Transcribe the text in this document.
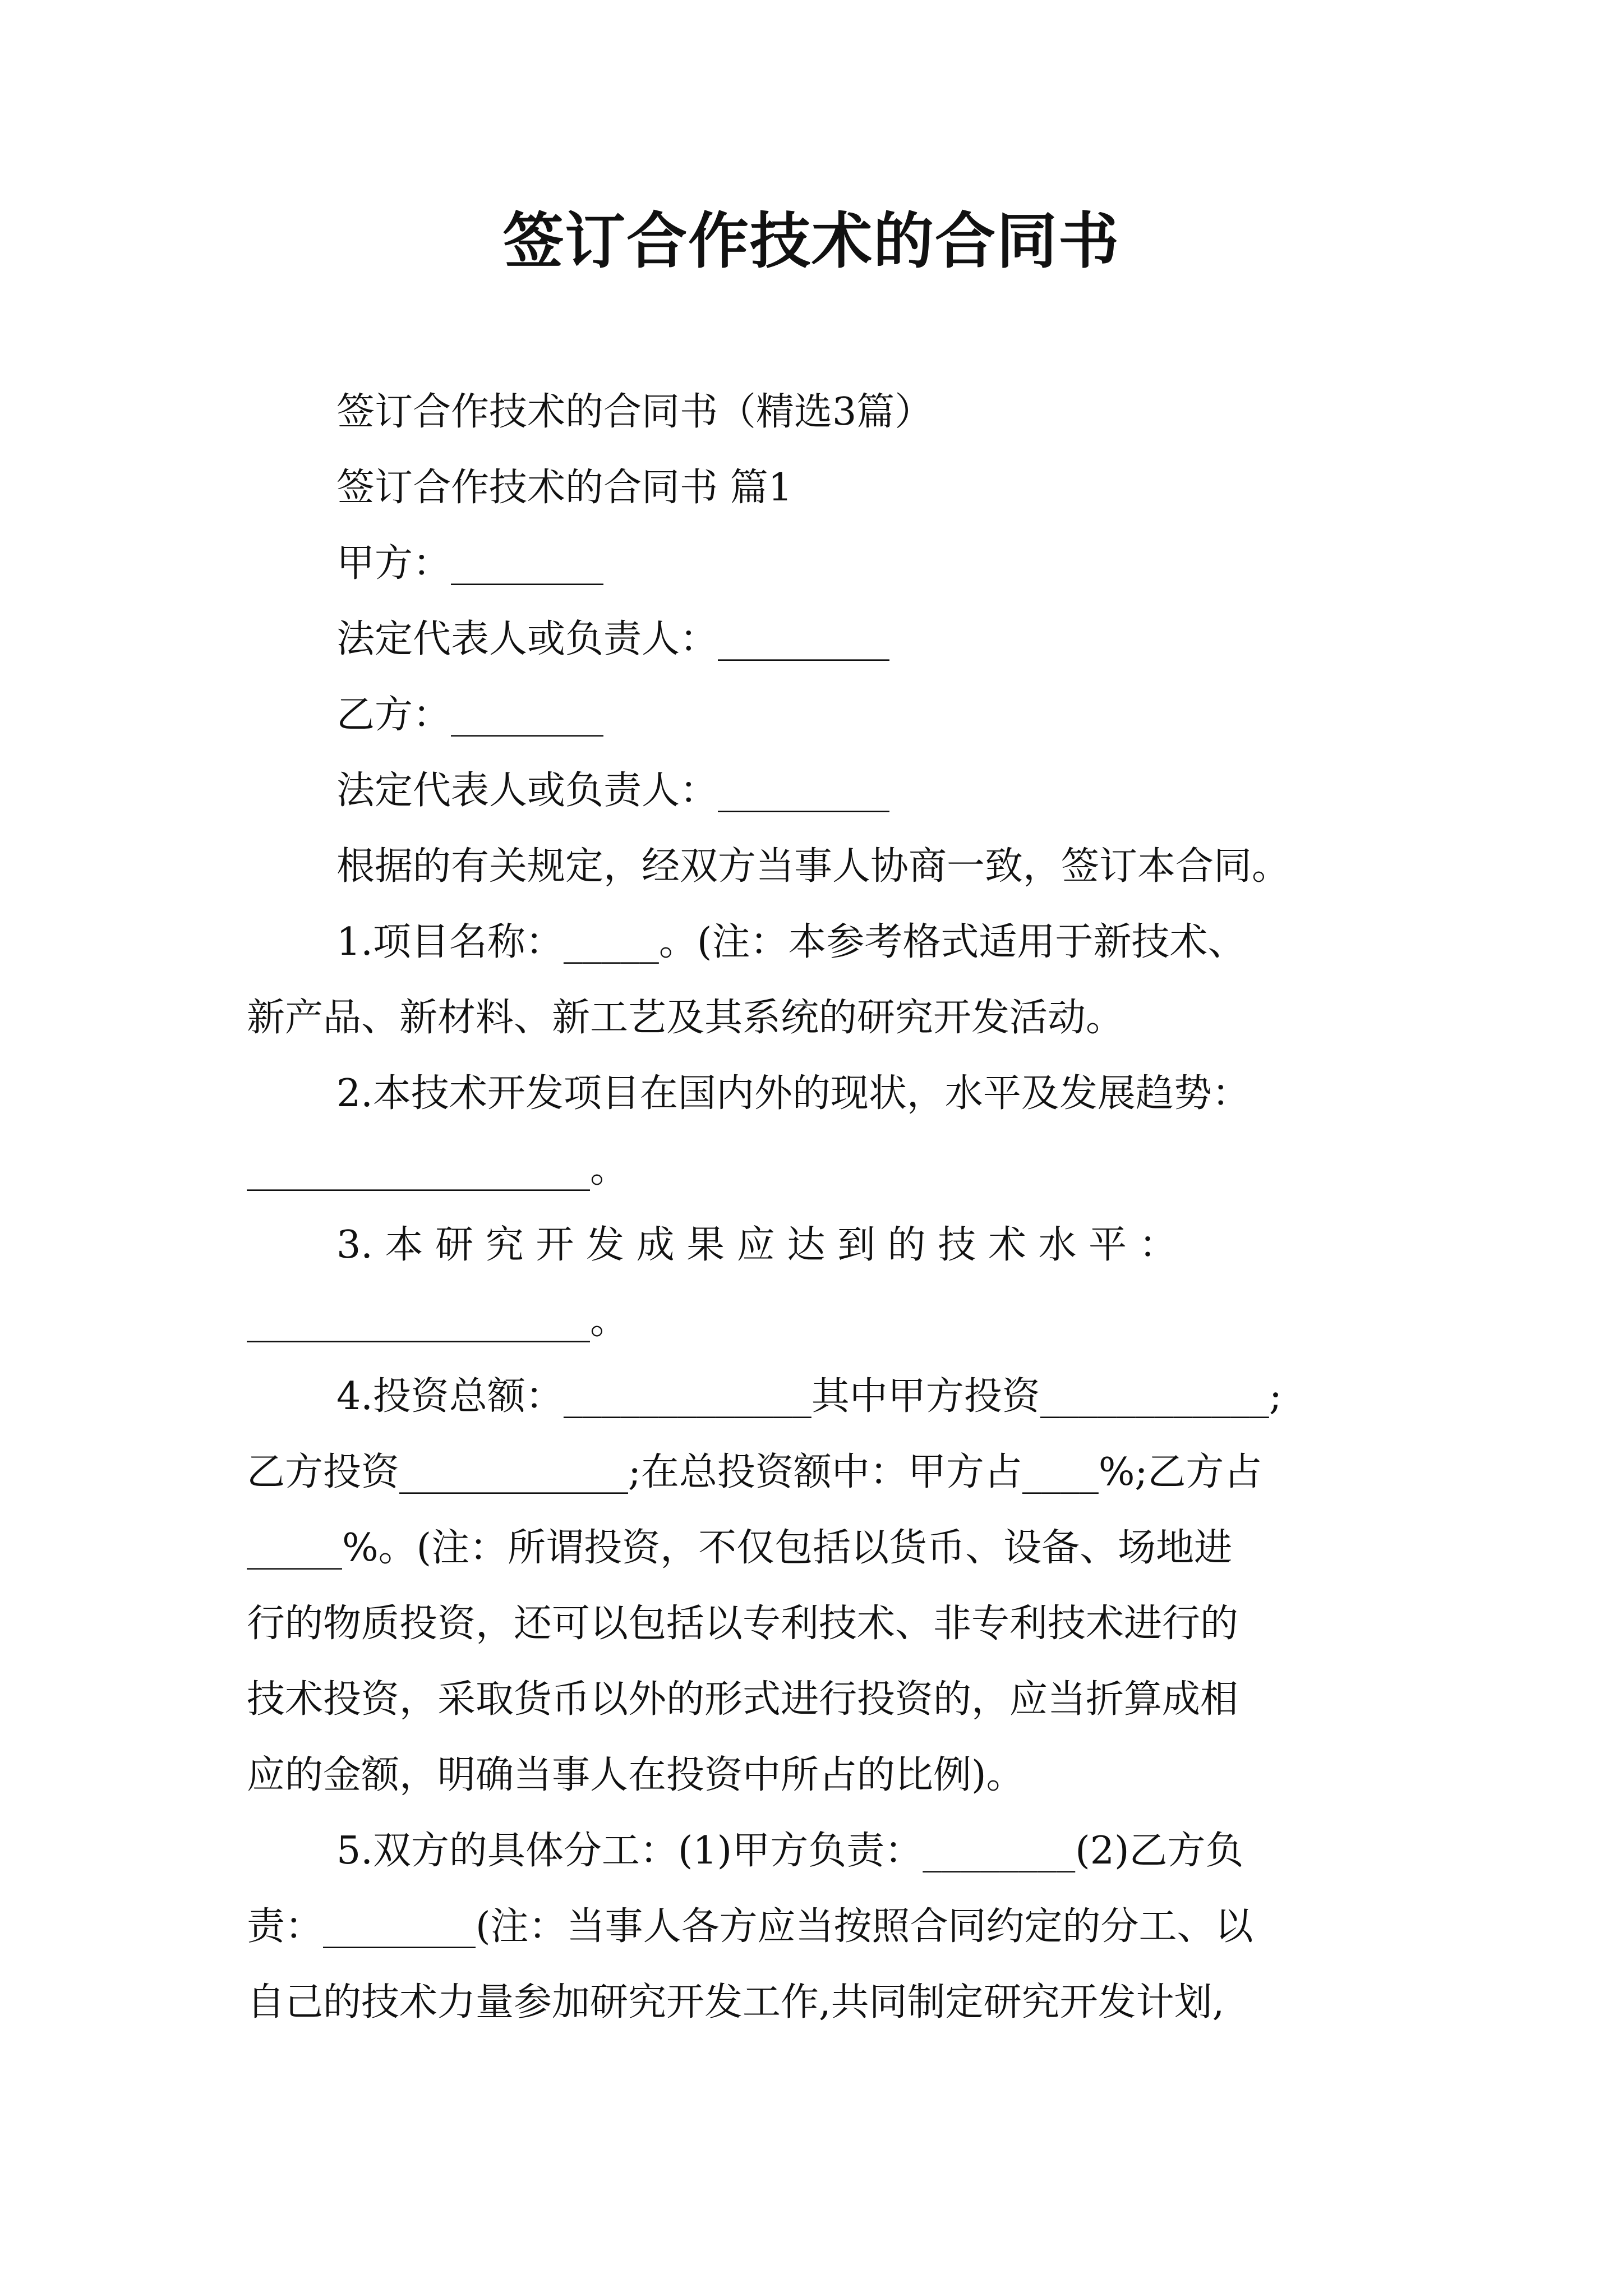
签订合作技术的合同书
签订合作技术的合同书（精选3篇）
签订合作技术的合同书 篇1
甲方：________
法定代表人或负责人：_________
乙方：________
法定代表人或负责人：_________
根据的有关规定，经双方当事人协商一致，签订本合同。
1.项目名称：_____。(注：本参考格式适用于新技术、
新产品、新材料、新工艺及其系统的研究开发活动。
2.本技术开发项目在国内外的现状，水平及发展趋势：
__________________。
3. 本 研 究 开 发 成 果 应 达 到 的 技 术 水 平 ：
__________________。
4.投资总额：_____________其中甲方投资____________;
乙方投资____________;在总投资额中：甲方占____%;乙方占
_____%。(注：所谓投资，不仅包括以货币、设备、场地进
行的物质投资，还可以包括以专利技术、非专利技术进行的
技术投资，采取货币以外的形式进行投资的，应当折算成相
应的金额，明确当事人在投资中所占的比例)。
5.双方的具体分工：(1)甲方负责：________(2)乙方负
责：________(注：当事人各方应当按照合同约定的分工、以
自己的技术力量参加研究开发工作,共同制定研究开发计划,
